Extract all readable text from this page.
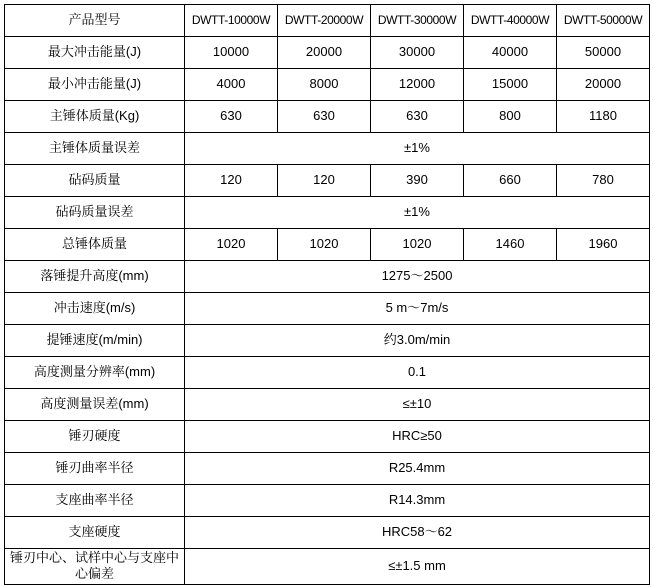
产品型号	DWTT-10000W	DWTT-20000W	DWTT-30000W	DWTT-40000W	DWTT-50000W
最大冲击能量(J)	10000	20000	30000	40000	50000
最小冲击能量(J)	4000	8000	12000	15000	20000
主锤体质量(Kg)	630	630	630	800	1180
主锤体质量误差	±1%				
砧码质量	120	120	390	660	780
砧码质量误差	±1%				
总锤体质量	1020	1020	1020	1460	1960
落锤提升高度(mm)	1275～2500				
冲击速度(m/s)	5 m～7m/s				
提锤速度(m/min)	约3.0m/min				
高度测量分辨率(mm)	0.1				
高度测量误差(mm)	≤±10				
锤刃硬度	HRC≥50				
锤刃曲率半径	R25.4mm				
支座曲率半径	R14.3mm				
支座硬度	HRC58～62				
锤刃中心、试样中心与支座中心偏差	≤±1.5 mm				
